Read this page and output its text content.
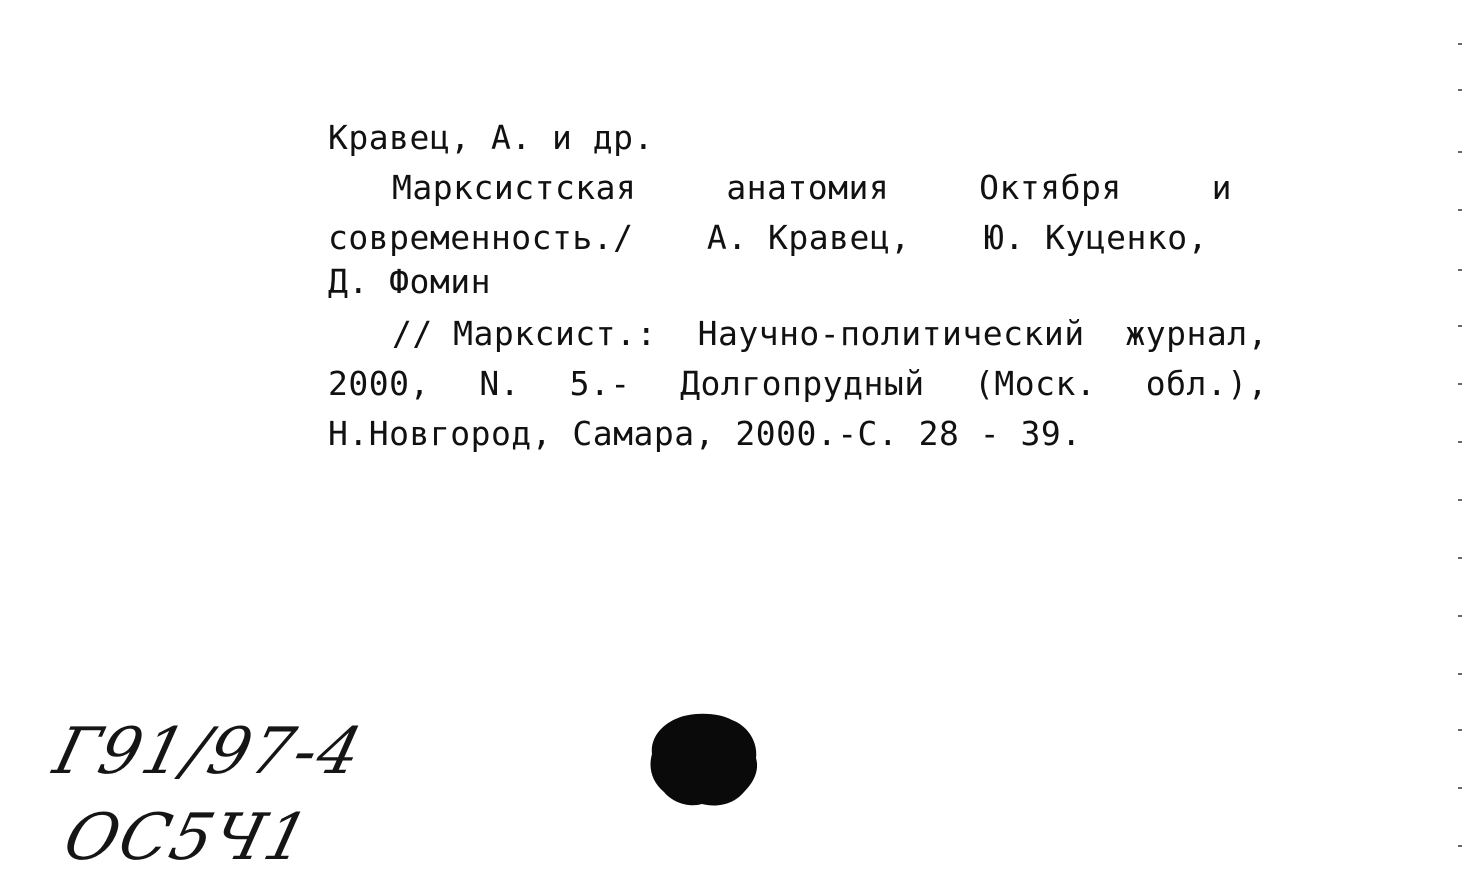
Кравец, А. и др.
Марксистская	анатомия	Октября	и
современность./ А. Кравец, Ю. Куценко,
Д. Фомин
// Марксист.: Научно-политический журнал,
2000, N. 5.- Долгопрудный (Моск. обл.),
Н.Новгород, Самара, 2000.-С. 28 - 39.
Г91/97-4
ОС5Ч1
